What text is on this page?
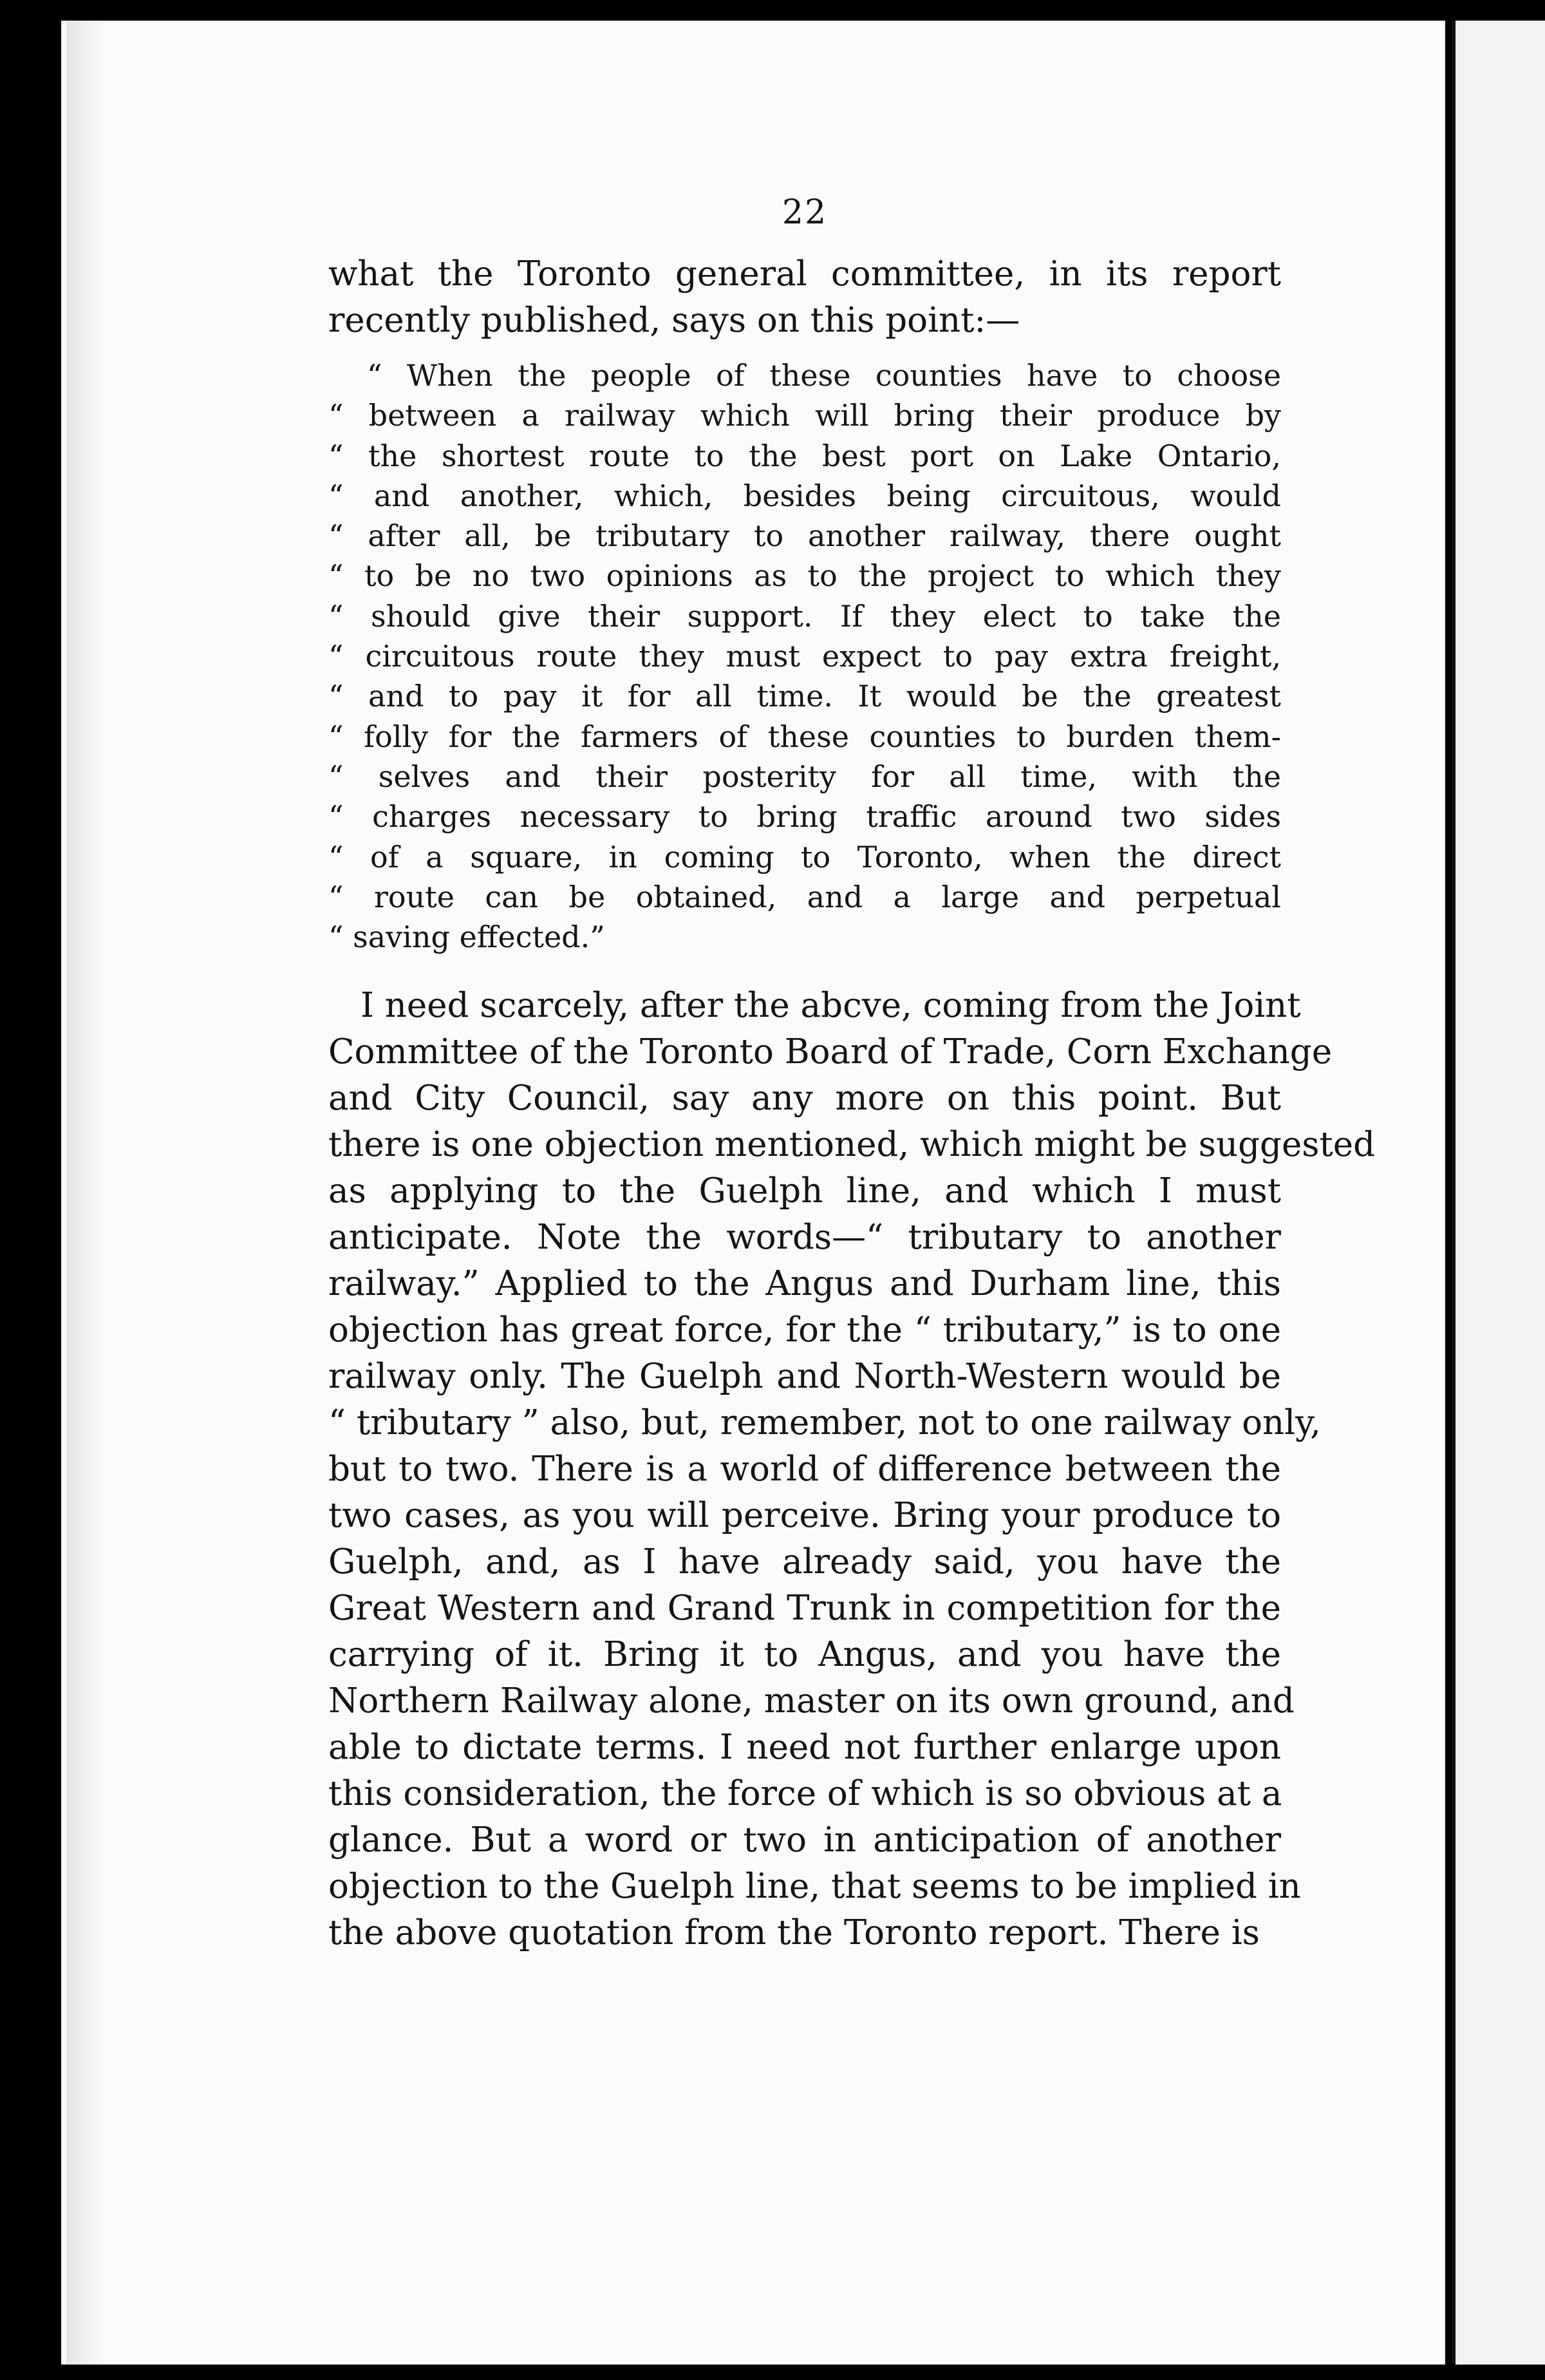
22
what the Toronto general committee, in its report
recently published, says on this point:—
“ When the people of these counties have to choose
“ between a railway which will bring their produce by
“ the shortest route to the best port on Lake Ontario,
“ and another, which, besides being circuitous, would
“ after all, be tributary to another railway, there ought
“ to be no two opinions as to the project to which they
“ should give their support. If they elect to take the
“ circuitous route they must expect to pay extra freight,
“ and to pay it for all time. It would be the greatest
“ folly for the farmers of these counties to burden them-
“ selves and their posterity for all time, with the
“ charges necessary to bring traffic around two sides
“ of a square, in coming to Toronto, when the direct
“ route can be obtained, and a large and perpetual
“ saving effected.”
I need scarcely, after the abcve, coming from the Joint
Committee of the Toronto Board of Trade, Corn Exchange
and City Council, say any more on this point. But
there is one objection mentioned, which might be suggested
as applying to the Guelph line, and which I must
anticipate. Note the words—“ tributary to another
railway.” Applied to the Angus and Durham line, this
objection has great force, for the “ tributary,” is to one
railway only. The Guelph and North-Western would be
“ tributary ” also, but, remember, not to one railway only,
but to two. There is a world of difference between the
two cases, as you will perceive. Bring your produce to
Guelph, and, as I have already said, you have the
Great Western and Grand Trunk in competition for the
carrying of it. Bring it to Angus, and you have the
Northern Railway alone, master on its own ground, and
able to dictate terms. I need not further enlarge upon
this consideration, the force of which is so obvious at a
glance. But a word or two in anticipation of another
objection to the Guelph line, that seems to be implied in
the above quotation from the Toronto report. There is
